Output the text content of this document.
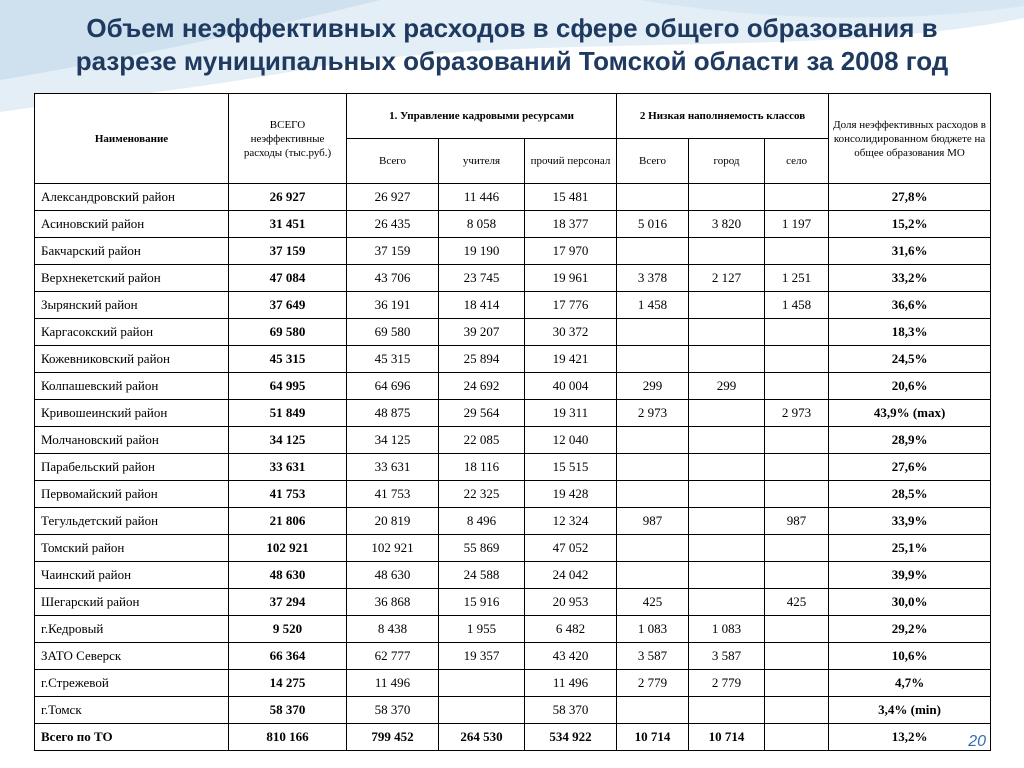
Объем неэффективных расходов в сфере общего образования в
разрезе муниципальных образований Томской области за 2008 год
Наименование	ВСЕГО неэффективные расходы (тыс.руб.)	1. Управление кадровыми ресурсами			2 Низкая наполняемость классов			Доля неэффективных расходов в консолидированном бюджете на общее образования МО
		Всего	учителя	прочий персонал	Всего	город	село	
Александровский район	26 927	26 927	11 446	15 481				27,8%
Асиновский район	31 451	26 435	8 058	18 377	5 016	3 820	1 197	15,2%
Бакчарский район	37 159	37 159	19 190	17 970				31,6%
Верхнекетский район	47 084	43 706	23 745	19 961	3 378	2 127	1 251	33,2%
Зырянский район	37 649	36 191	18 414	17 776	1 458		1 458	36,6%
Каргасокский район	69 580	69 580	39 207	30 372				18,3%
Кожевниковский район	45 315	45 315	25 894	19 421				24,5%
Колпашевский район	64 995	64 696	24 692	40 004	299	299		20,6%
Кривошеинский район	51 849	48 875	29 564	19 311	2 973		2 973	43,9% (max)
Молчановский район	34 125	34 125	22 085	12 040				28,9%
Парабельский район	33 631	33 631	18 116	15 515				27,6%
Первомайский район	41 753	41 753	22 325	19 428				28,5%
Тегульдетский район	21 806	20 819	8 496	12 324	987		987	33,9%
Томский район	102 921	102 921	55 869	47 052				25,1%
Чаинский район	48 630	48 630	24 588	24 042				39,9%
Шегарский район	37 294	36 868	15 916	20 953	425		425	30,0%
г.Кедровый	9 520	8 438	1 955	6 482	1 083	1 083		29,2%
ЗАТО Северск	66 364	62 777	19 357	43 420	3 587	3 587		10,6%
г.Стрежевой	14 275	11 496		11 496	2 779	2 779		4,7%
г.Томск	58 370	58 370		58 370				3,4% (min)
Всего по ТО	810 166	799 452	264 530	534 922	10 714	10 714		13,2%	20
